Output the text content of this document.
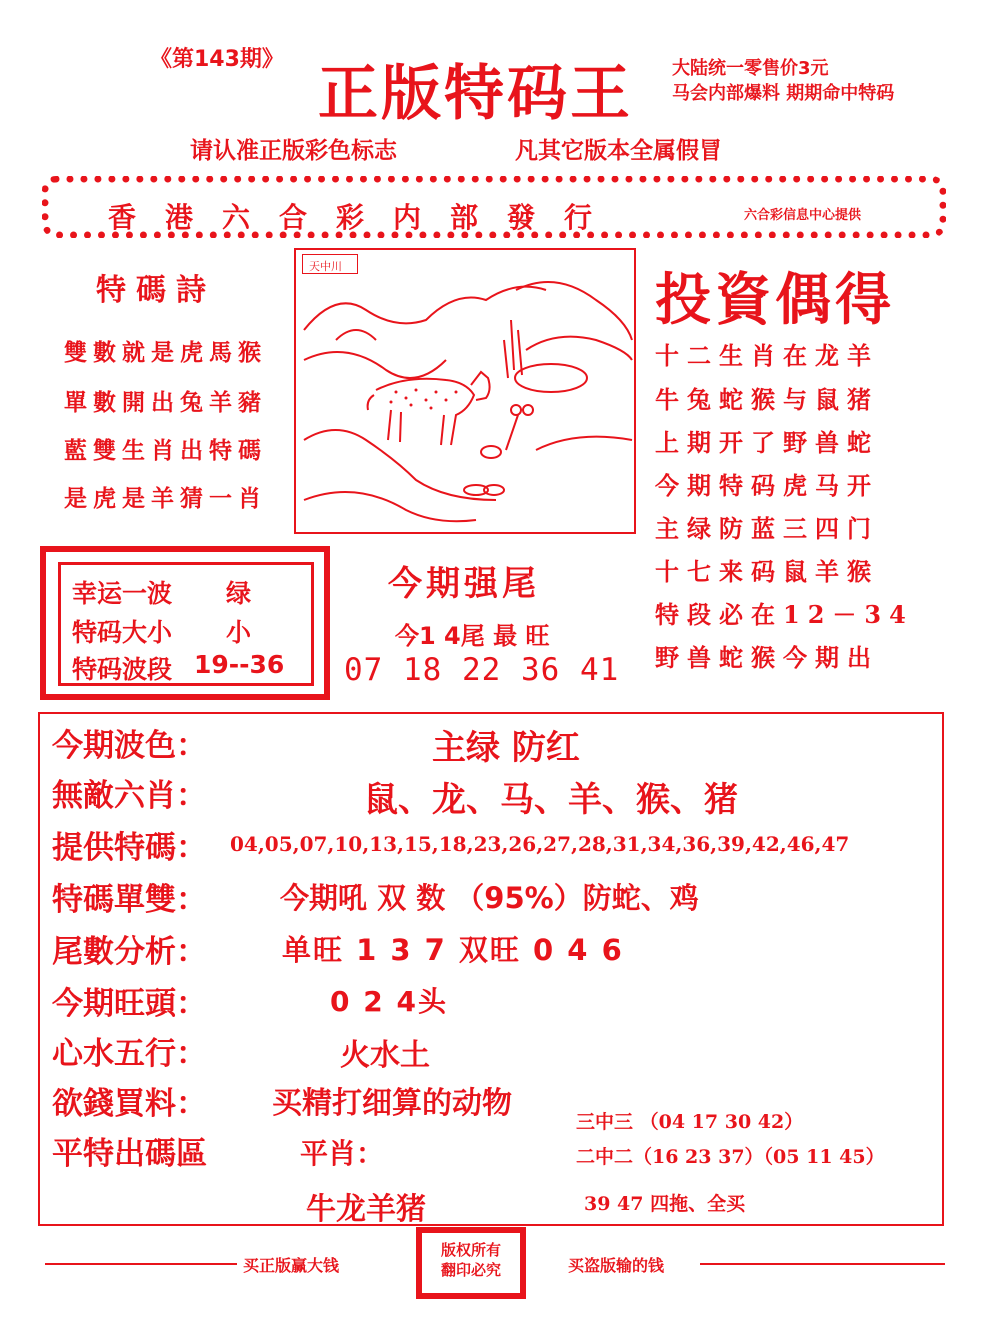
《第143期》 正版特码王 大陆统一零售价3元
马会内部爆料 期期命中特码
请认准正版彩色标志	凡其它版本全属假冒
香港六合彩内部發行	六合彩信息中心提供
特碼詩
雙數就是虎馬猴
單數開出兔羊豬
藍雙生肖出特碼
是虎是羊猜一肖
天中川
投資偶得
十二生肖在龙羊
牛兔蛇猴与鼠猪
上期开了野兽蛇
今期特码虎马开
主绿防蓝三四门
十七来码鼠羊猴
特段必在12－34
野兽蛇猴今期出
幸运一波 绿
特码大小 小
特码波段 19--36
今期强尾
今1 4尾 最 旺
07 18 22 36 41
今期波色：	主绿 防红
無敵六肖：	鼠、龙、马、羊、猴、猪
提供特碼： 04,05,07,10,13,15,18,23,26,27,28,31,34,36,39,42,46,47
特碼單雙：	今期吼 双 数 （95%）防蛇、鸡
尾數分析：	单旺 1 3 7 双旺 0 4 6
今期旺頭：	0 2 4头
心水五行：	火水土
欲錢買料： 买精打细算的动物
平特出碼區	平肖：
牛龙羊猪
三中三 （04 17 30 42）
二中二（16 23 37）（05 11 45）
39 47 四拖、全买
买正版赢大钱
版权所有
翻印必究	买盗版输的钱
